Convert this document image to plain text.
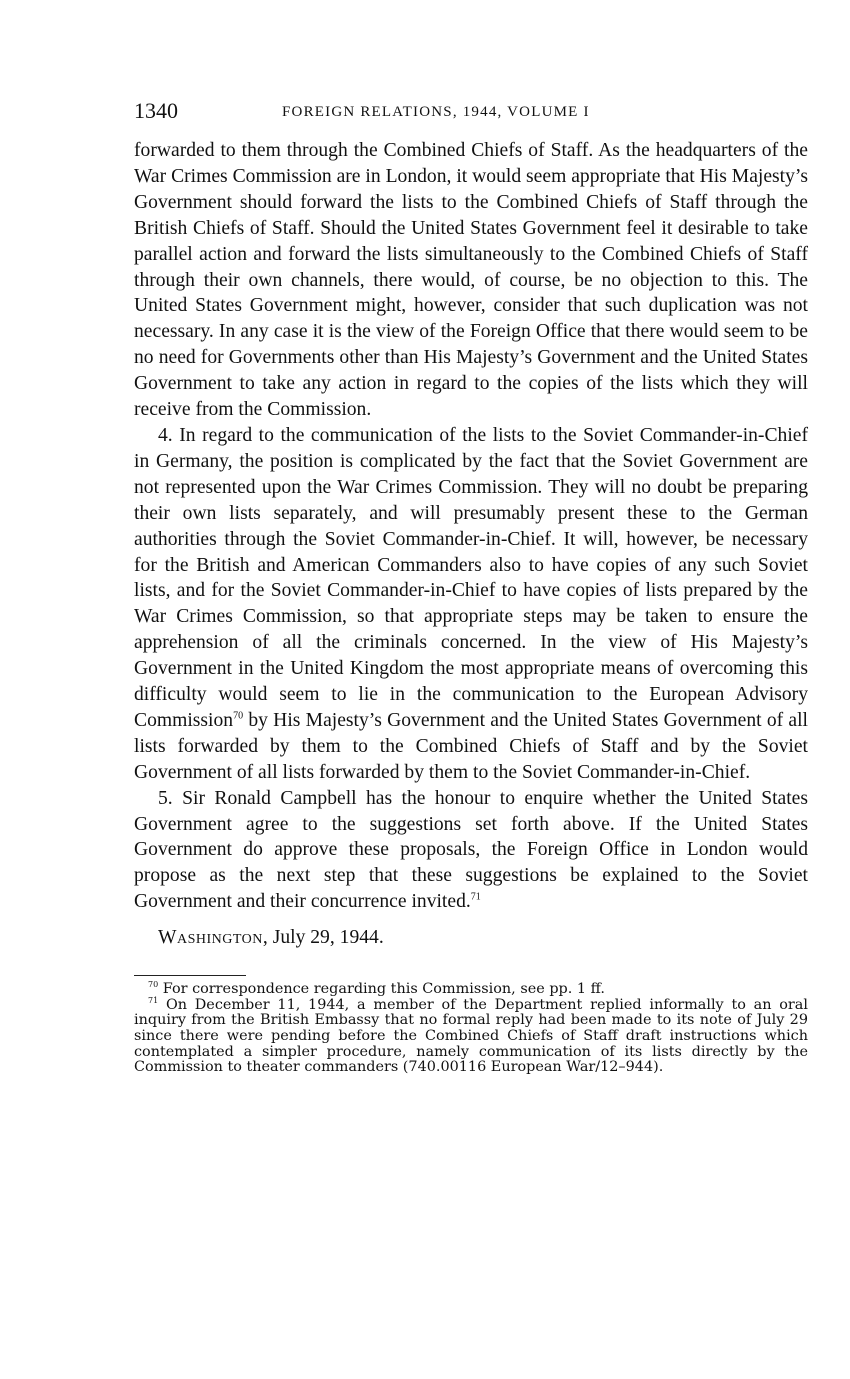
1340	FOREIGN RELATIONS, 1944, VOLUME I

forwarded to them through the Combined Chiefs of Staff. As the headquarters of the War Crimes Commission are in London, it would seem appropriate that His Majesty’s Government should forward the lists to the Combined Chiefs of Staff through the British Chiefs of Staff. Should the United States Government feel it desirable to take parallel action and forward the lists simultaneously to the Combined Chiefs of Staff through their own channels, there would, of course, be no objection to this. The United States Government might, however, consider that such duplication was not necessary. In any case it is the view of the Foreign Office that there would seem to be no need for Governments other than His Majesty’s Government and the United States Government to take any action in regard to the copies of the lists which they will receive from the Commission.

4. In regard to the communication of the lists to the Soviet Commander-in-Chief in Germany, the position is complicated by the fact that the Soviet Government are not represented upon the War Crimes Commission. They will no doubt be preparing their own lists separately, and will presumably present these to the German authorities through the Soviet Commander-in-Chief. It will, however, be necessary for the British and American Commanders also to have copies of any such Soviet lists, and for the Soviet Commander-in-Chief to have copies of lists prepared by the War Crimes Commission, so that appropriate steps may be taken to ensure the apprehension of all the criminals concerned. In the view of His Majesty’s Government in the United Kingdom the most appropriate means of overcoming this difficulty would seem to lie in the communication to the European Advisory Commission$^{70}$ by His Majesty’s Government and the United States Government of all lists forwarded by them to the Combined Chiefs of Staff and by the Soviet Government of all lists forwarded by them to the Soviet Commander-in-Chief.

5. Sir Ronald Campbell has the honour to enquire whether the United States Government agree to the suggestions set forth above. If the United States Government do approve these proposals, the Foreign Office in London would propose as the next step that these suggestions be explained to the Soviet Government and their concurrence invited.$^{71}$

Washington, July 29, 1944.

$^{70}$ For correspondence regarding this Commission, see pp. 1 ff.

$^{71}$ On December 11, 1944, a member of the Department replied informally to an oral inquiry from the British Embassy that no formal reply had been made to its note of July 29 since there were pending before the Combined Chiefs of Staff draft instructions which contemplated a simpler procedure, namely communication of its lists directly by the Commission to theater commanders (740.00116 European War/12–944).
